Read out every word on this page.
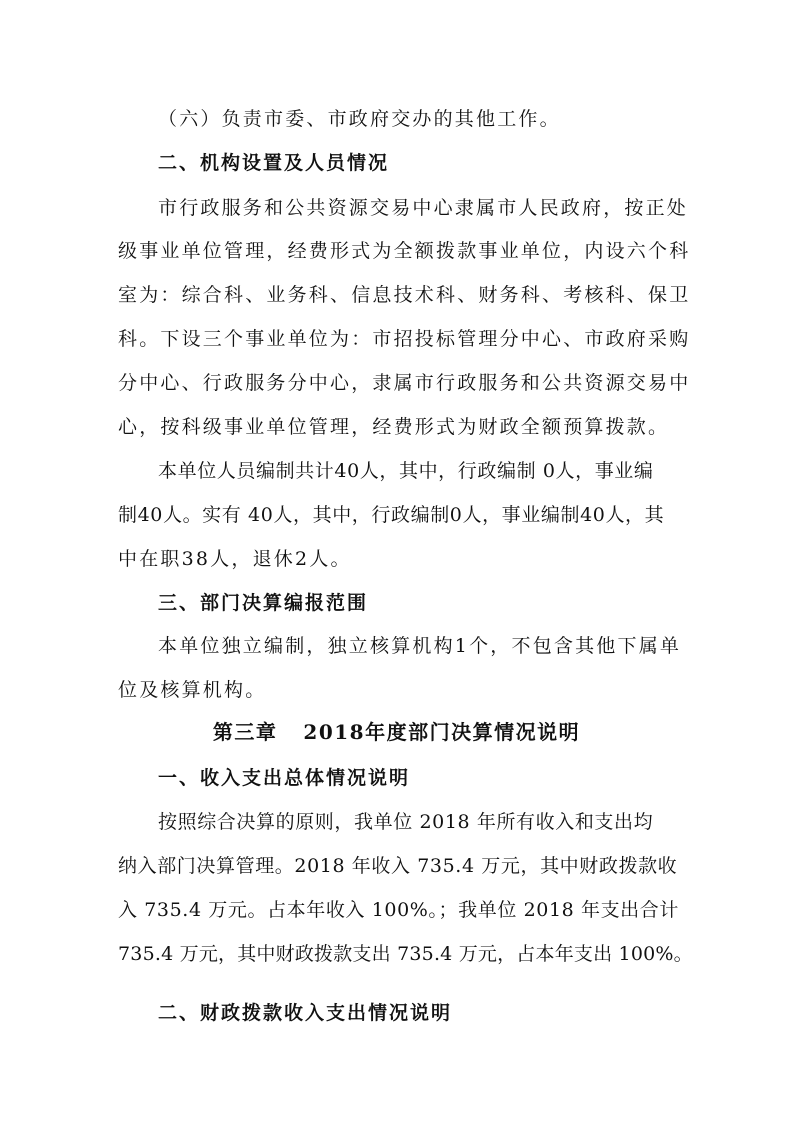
（六）负责市委、市政府交办的其他工作。
二、机构设置及人员情况
市行政服务和公共资源交易中心隶属市人民政府，按正处
级事业单位管理，经费形式为全额拨款事业单位，内设六个科
室为：综合科、业务科、信息技术科、财务科、考核科、保卫
科。下设三个事业单位为：市招投标管理分中心、市政府采购
分中心、行政服务分中心，隶属市行政服务和公共资源交易中
心，按科级事业单位管理，经费形式为财政全额预算拨款。
本单位人员编制共计40人，其中，行政编制 0人，事业编
制40人。实有 40人，其中，行政编制0人，事业编制40人，其
中在职38人，退休2人。
三、部门决算编报范围
本单位独立编制，独立核算机构1个，不包含其他下属单
位及核算机构。
第三章 2018年度部门决算情况说明
一、收入支出总体情况说明
按照综合决算的原则，我单位 2018 年所有收入和支出均
纳入部门决算管理。2018 年收入 735.4 万元，其中财政拨款收
入 735.4 万元。占本年收入 100%。；我单位 2018 年支出合计
735.4 万元，其中财政拨款支出 735.4 万元，占本年支出 100%。
二、财政拨款收入支出情况说明
